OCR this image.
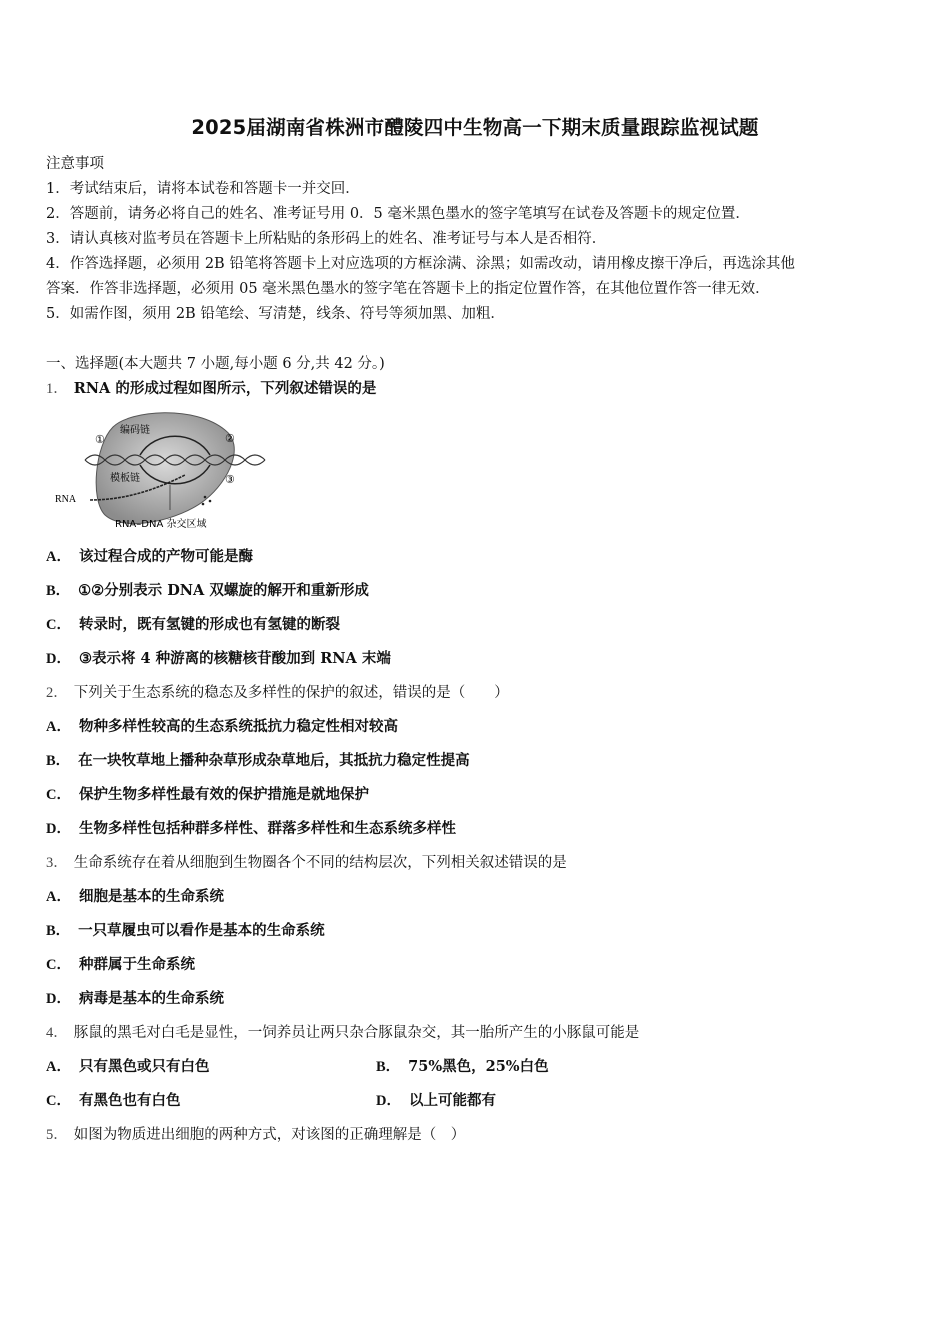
2025届湖南省株洲市醴陵四中生物高一下期末质量跟踪监视试题
注意事项
1．考试结束后，请将本试卷和答题卡一并交回．
2．答题前，请务必将自己的姓名、准考证号用 0．5 毫米黑色墨水的签字笔填写在试卷及答题卡的规定位置．
3．请认真核对监考员在答题卡上所粘贴的条形码上的姓名、准考证号与本人是否相符．
4．作答选择题，必须用 2B 铅笔将答题卡上对应选项的方框涂满、涂黑；如需改动，请用橡皮擦干净后，再选涂其他
答案．作答非选择题，必须用 05 毫米黑色墨水的签字笔在答题卡上的指定位置作答，在其他位置作答一律无效．
5．如需作图，须用 2B 铅笔绘、写清楚，线条、符号等须加黑、加粗．
一、选择题(本大题共 7 小题,每小题 6 分,共 42 分。)
1． RNA 的形成过程如图所示，下列叙述错误的是
编码链
①	②
③
模板链
RNA
RNA–DNA 杂交区域
A． 该过程合成的产物可能是酶
B． ①②分别表示 DNA 双螺旋的解开和重新形成
C． 转录时，既有氢键的形成也有氢键的断裂
D． ③表示将 4 种游离的核糖核苷酸加到 RNA 末端
2． 下列关于生态系统的稳态及多样性的保护的叙述，错误的是（　　）
A． 物种多样性较高的生态系统抵抗力稳定性相对较高
B． 在一块牧草地上播种杂草形成杂草地后，其抵抗力稳定性提高
C． 保护生物多样性最有效的保护措施是就地保护
D． 生物多样性包括种群多样性、群落多样性和生态系统多样性
3． 生命系统存在着从细胞到生物圈各个不同的结构层次，下列相关叙述错误的是
A． 细胞是基本的生命系统
B． 一只草履虫可以看作是基本的生命系统
C． 种群属于生命系统
D． 病毒是基本的生命系统
4． 豚鼠的黑毛对白毛是显性，一饲养员让两只杂合豚鼠杂交，其一胎所产生的小豚鼠可能是
A． 只有黑色或只有白色	B． 75%黑色，25%白色
C． 有黑色也有白色	D． 以上可能都有
5． 如图为物质进出细胞的两种方式，对该图的正确理解是（　）
